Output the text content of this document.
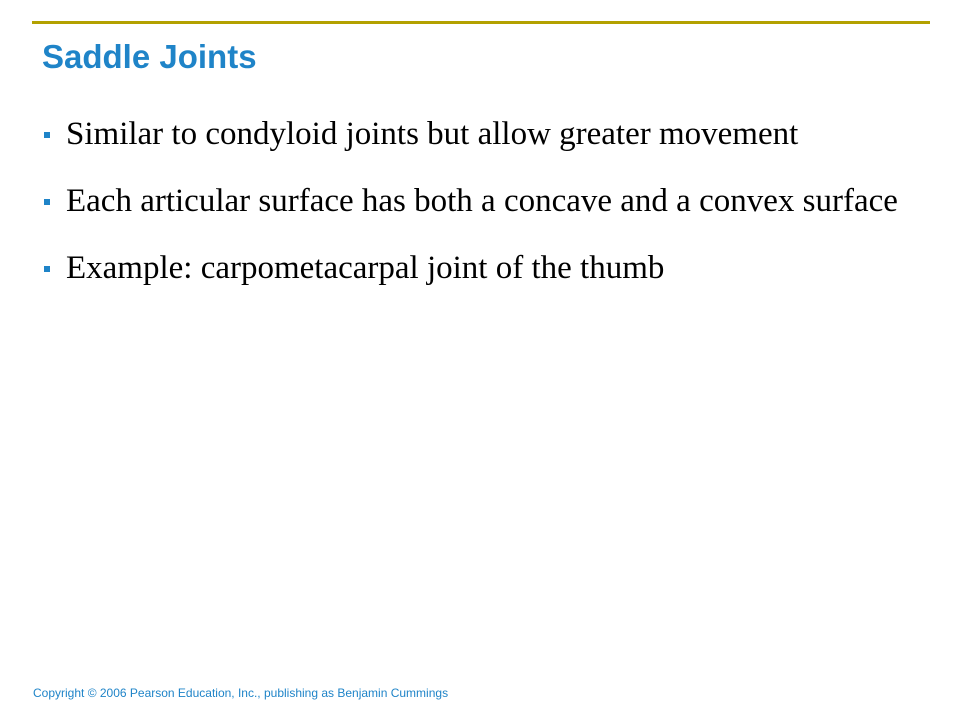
Saddle Joints
Similar to condyloid joints but allow greater movement
Each articular surface has both a concave and a convex surface
Example: carpometacarpal joint of the thumb

Copyright © 2006 Pearson Education, Inc., publishing as Benjamin Cummings
